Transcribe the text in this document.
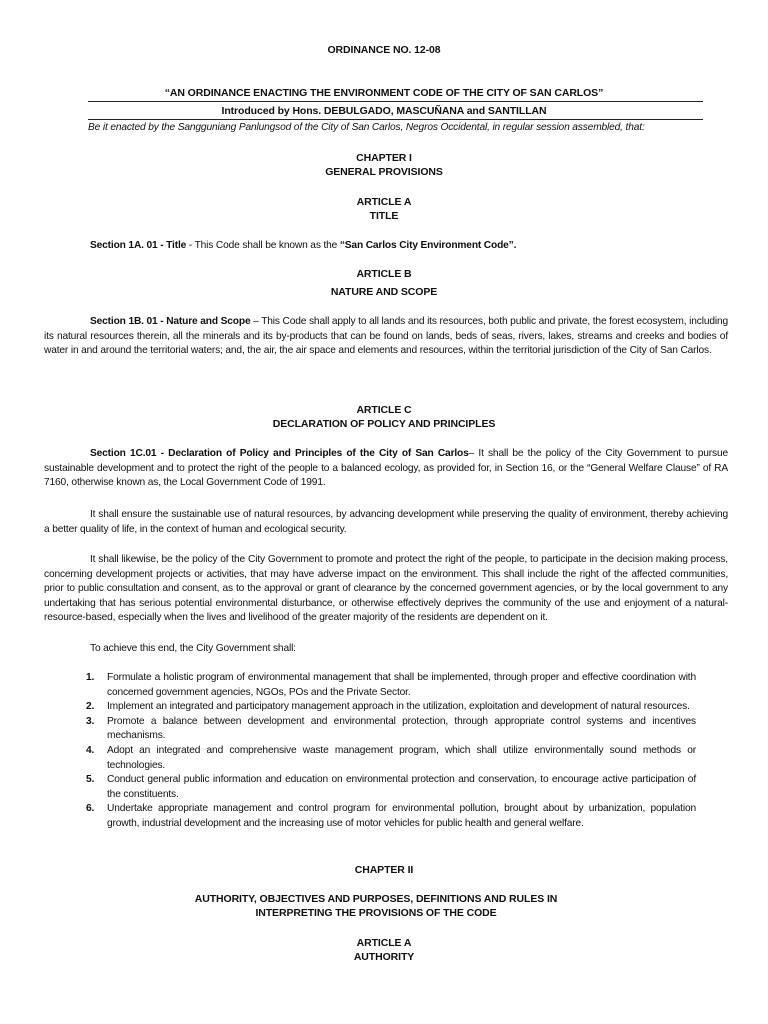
ORDINANCE NO. 12-08
“AN ORDINANCE ENACTING THE ENVIRONMENT CODE OF THE CITY OF SAN CARLOS”
Introduced by Hons. DEBULGADO, MASCUÑANA and SANTILLAN
Be it enacted by the Sangguniang Panlungsod of the City of San Carlos, Negros Occidental, in regular session assembled, that:
CHAPTER I
GENERAL PROVISIONS
ARTICLE A
TITLE
Section 1A. 01 - Title - This Code shall be known as the “San Carlos City Environment Code”.
ARTICLE B
NATURE AND SCOPE
Section 1B. 01 - Nature and Scope – This Code shall apply to all lands and its resources, both public and private, the forest ecosystem, including its natural resources therein, all the minerals and its by-products that can be found on lands, beds of seas, rivers, lakes, streams and creeks and bodies of water in and around the territorial waters; and, the air, the air space and elements and resources, within the territorial jurisdiction of the City of San Carlos.
ARTICLE C
DECLARATION OF POLICY AND PRINCIPLES
Section 1C.01 - Declaration of Policy and Principles of the City of San Carlos– It shall be the policy of the City Government to pursue sustainable development and to protect the right of the people to a balanced ecology, as provided for, in Section 16, or the “General Welfare Clause” of RA 7160, otherwise known as, the Local Government Code of 1991.
It shall ensure the sustainable use of natural resources, by advancing development while preserving the quality of environment, thereby achieving a better quality of life, in the context of human and ecological security.
It shall likewise, be the policy of the City Government to promote and protect the right of the people, to participate in the decision making process, concerning development projects or activities, that may have adverse impact on the environment. This shall include the right of the affected communities, prior to public consultation and consent, as to the approval or grant of clearance by the concerned government agencies, or by the local government to any undertaking that has serious potential environmental disturbance, or otherwise effectively deprives the community of the use and enjoyment of a natural-resource-based, especially when the lives and livelihood of the greater majority of the residents are dependent on it.
To achieve this end, the City Government shall:
1. Formulate a holistic program of environmental management that shall be implemented, through proper and effective coordination with concerned government agencies, NGOs, POs and the Private Sector.
2. Implement an integrated and participatory management approach in the utilization, exploitation and development of natural resources.
3. Promote a balance between development and environmental protection, through appropriate control systems and incentives mechanisms.
4. Adopt an integrated and comprehensive waste management program, which shall utilize environmentally sound methods or technologies.
5. Conduct general public information and education on environmental protection and conservation, to encourage active participation of the constituents.
6. Undertake appropriate management and control program for environmental pollution, brought about by urbanization, population growth, industrial development and the increasing use of motor vehicles for public health and general welfare.
CHAPTER II
AUTHORITY, OBJECTIVES AND PURPOSES, DEFINITIONS AND RULES IN
INTERPRETING THE PROVISIONS OF THE CODE
ARTICLE A
AUTHORITY
